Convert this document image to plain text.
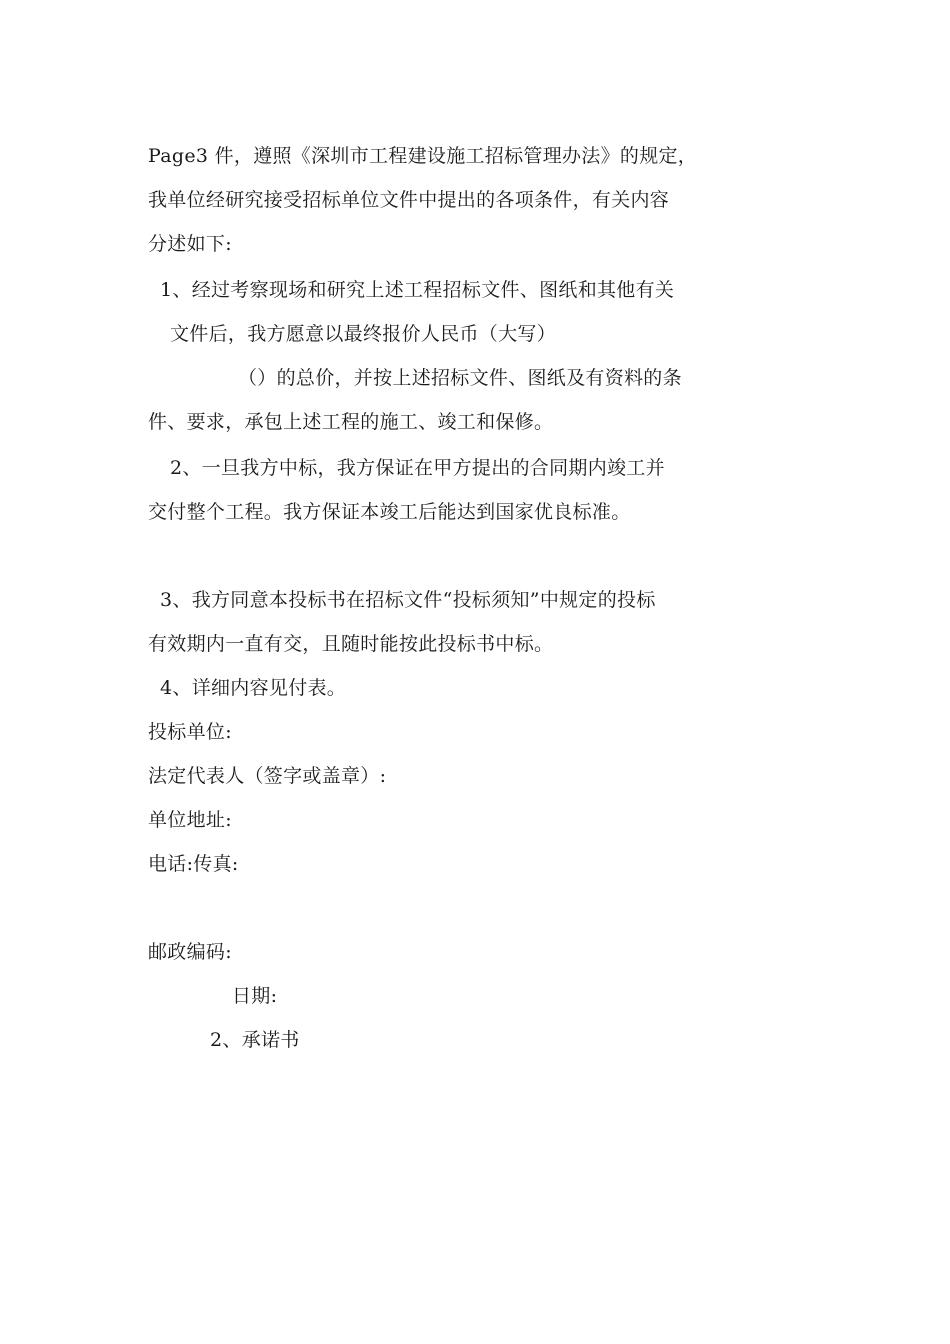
Page3 件，遵照《深圳市工程建设施工招标管理办法》的规定，
我单位经研究接受招标单位文件中提出的各项条件，有关内容
分述如下:
1、经过考察现场和研究上述工程招标文件、图纸和其他有关
文件后，我方愿意以最终报价人民币（大写）
（）的总价，并按上述招标文件、图纸及有资料的条
件、要求，承包上述工程的施工、竣工和保修。
2、一旦我方中标，我方保证在甲方提出的合同期内竣工并
交付整个工程。我方保证本竣工后能达到国家优良标准。
3、我方同意本投标书在招标文件“投标须知”中规定的投标
有效期内一直有交，且随时能按此投标书中标。
4、详细内容见付表。
投标单位:
法定代表人（签字或盖章）:
单位地址:
电话:传真:
邮政编码:
日期:
2、承诺书
